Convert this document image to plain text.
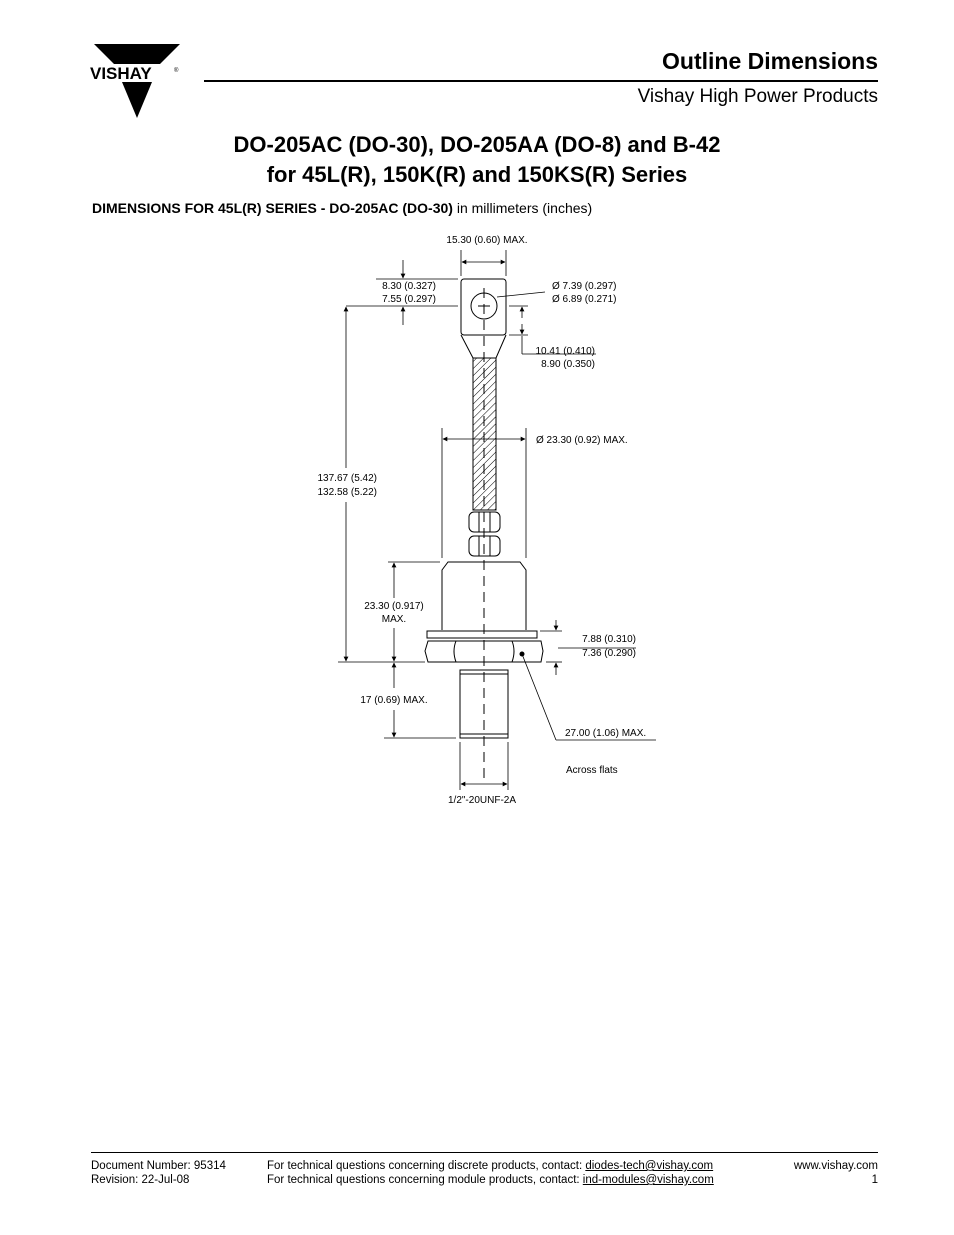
VISHAY	®	Outline Dimensions
Vishay High Power Products
DO-205AC (DO-30), DO-205AA (DO-8) and B-42
for 45L(R), 150K(R) and 150KS(R) Series
DIMENSIONS FOR 45L(R) SERIES - DO-205AC (DO-30) in millimeters (inches)
15.30 (0.60) MAX.
8.30 (0.327)
7.55 (0.297)
Ø 7.39 (0.297)
Ø 6.89 (0.271)
10.41 (0.410)
8.90 (0.350)
Ø 23.30 (0.92) MAX.
137.67 (5.42)
132.58 (5.22)
23.30 (0.917)
MAX.
7.88 (0.310)
7.36 (0.290)
17 (0.69) MAX.
27.00 (1.06) MAX.
Across flats
1/2"-20UNF-2A
Document Number: 95314
Revision: 22-Jul-08
For technical questions concerning discrete products, contact: diodes-tech@vishay.com
For technical questions concerning module products, contact: ind-modules@vishay.com
www.vishay.com
1
